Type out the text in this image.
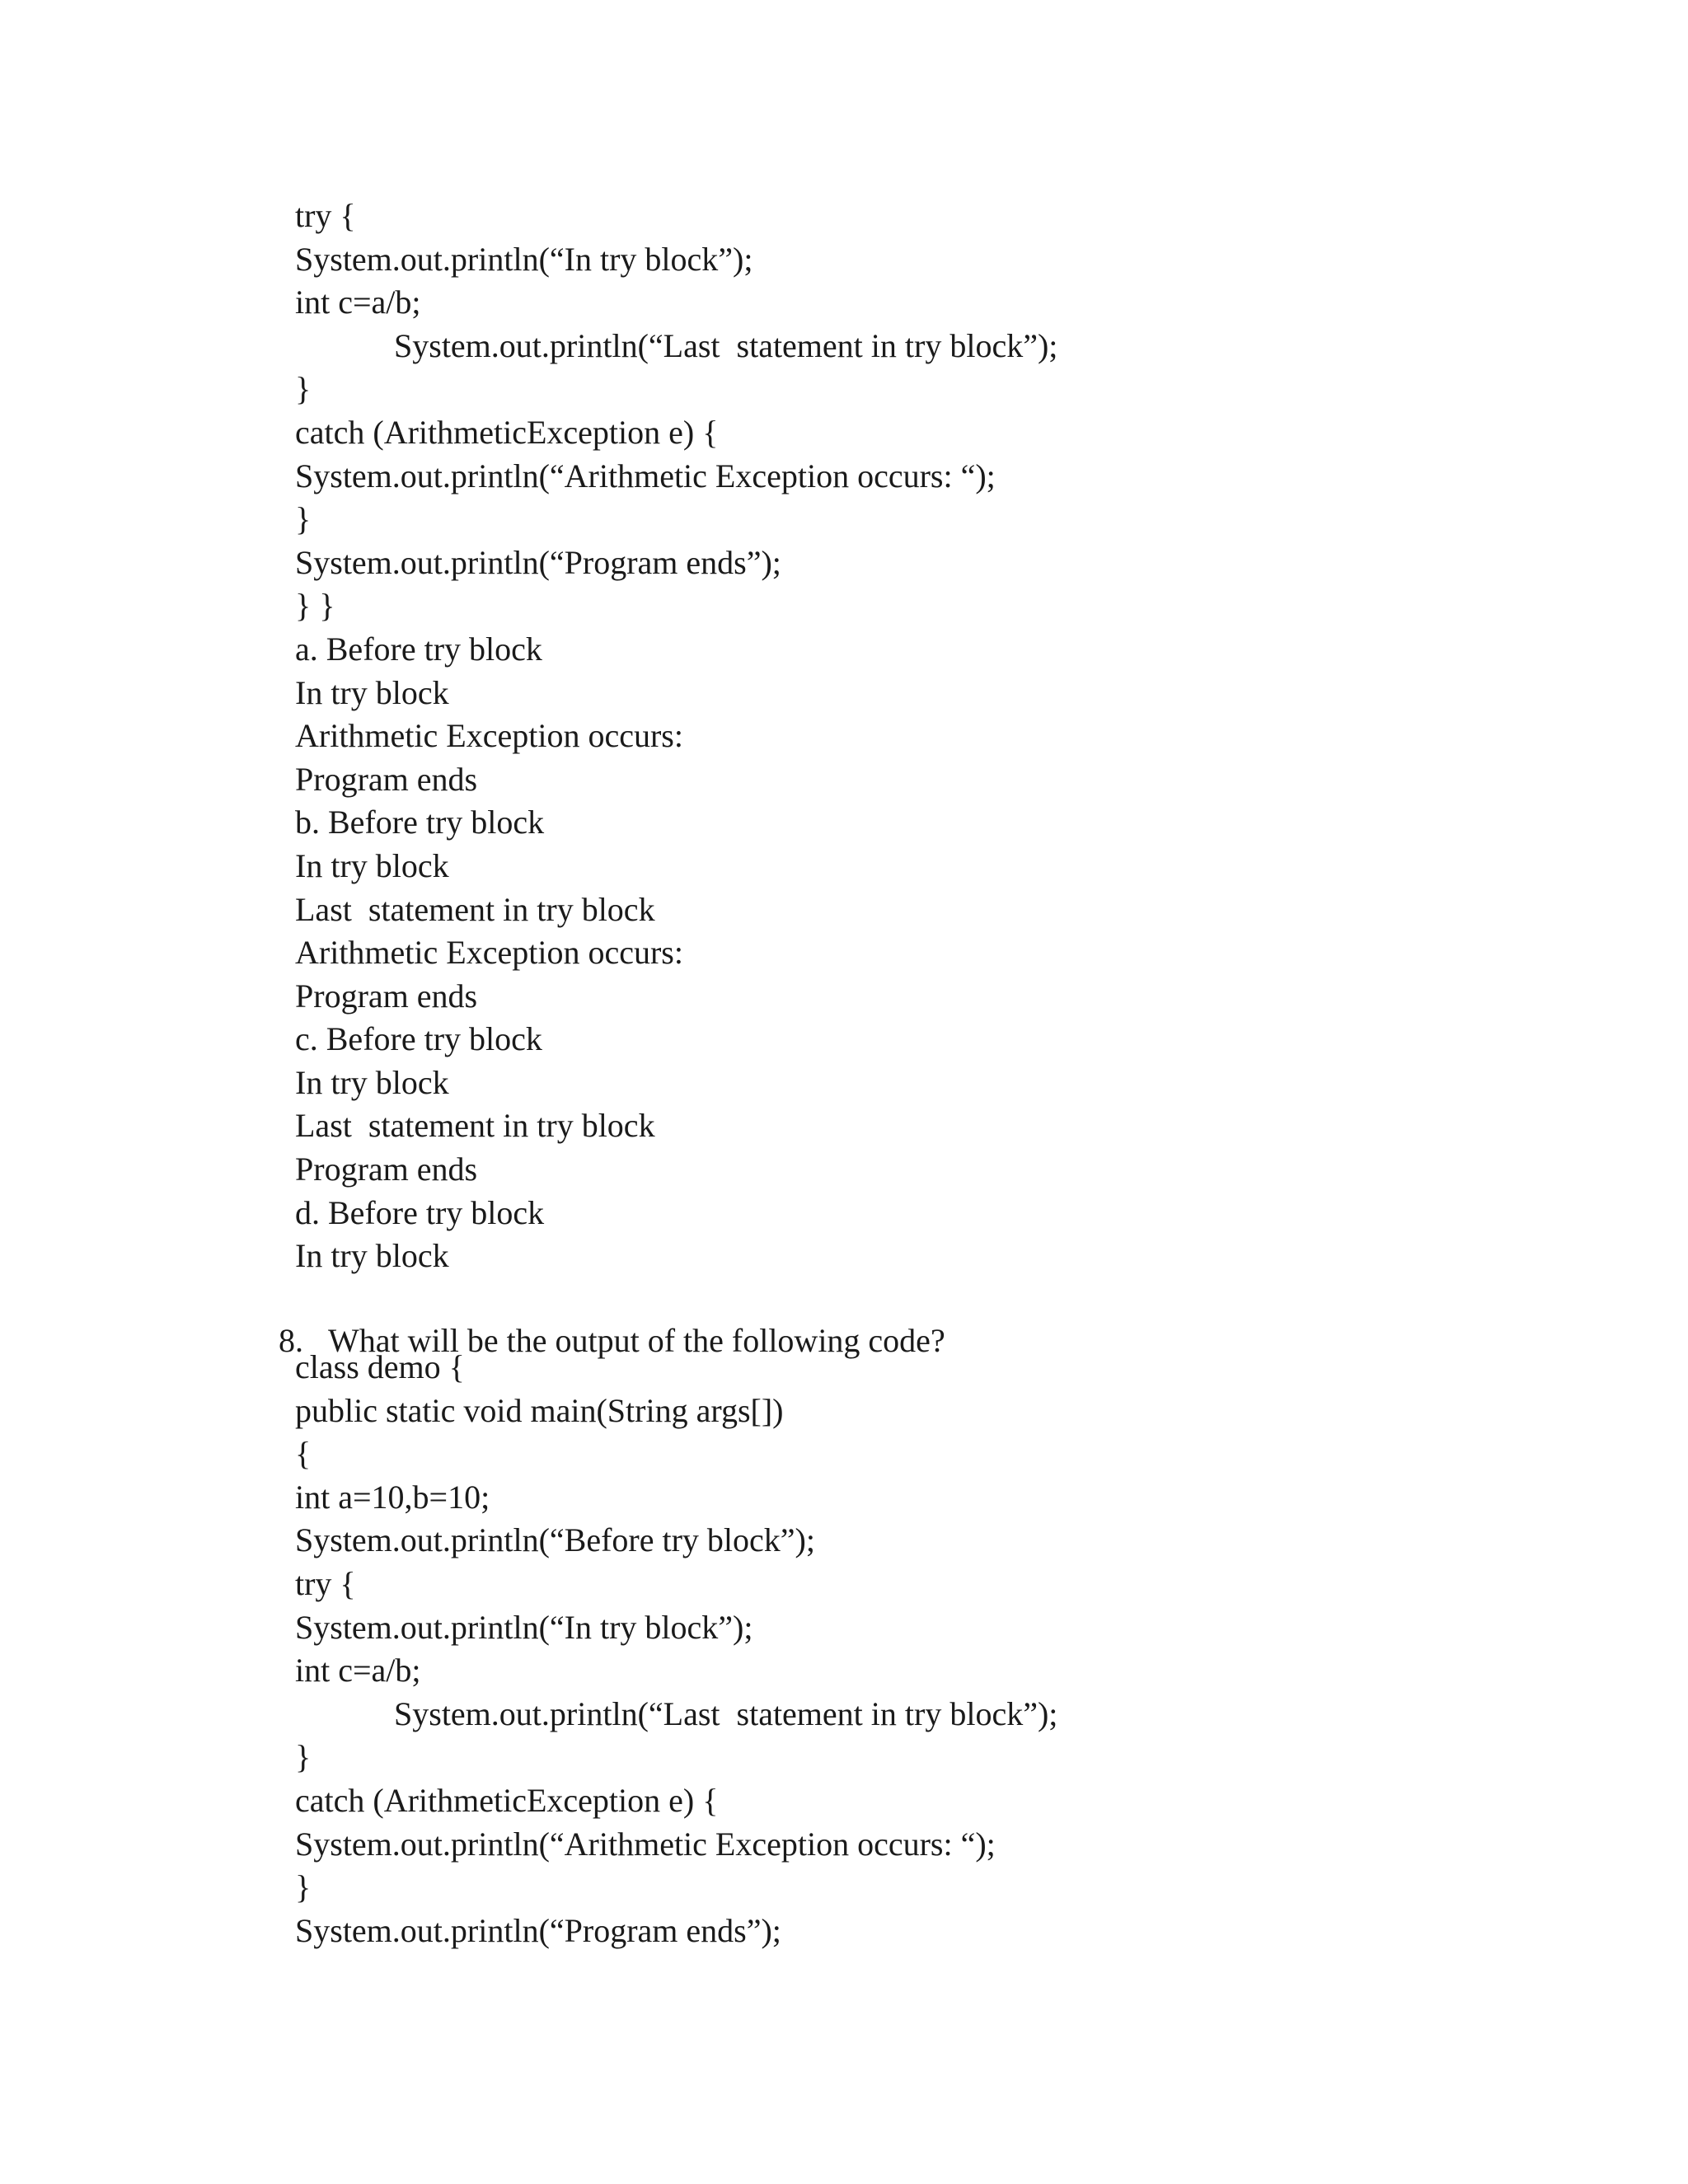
try {
System.out.println(“In try block”);
int c=a/b;
System.out.println(“Last  statement in try block”);
}
catch (ArithmeticException e) {
System.out.println(“Arithmetic Exception occurs: “);
}
System.out.println(“Program ends”);
} }
a. Before try block
In try block
Arithmetic Exception occurs:
Program ends
b. Before try block
In try block
Last  statement in try block
Arithmetic Exception occurs:
Program ends
c. Before try block
In try block
Last  statement in try block
Program ends
d. Before try block
In try block

8. What will be the output of the following code?

class demo {
public static void main(String args[])
{
int a=10,b=10;
System.out.println(“Before try block”);
try {
System.out.println(“In try block”);
int c=a/b;
System.out.println(“Last  statement in try block”);
}
catch (ArithmeticException e) {
System.out.println(“Arithmetic Exception occurs: “);
}
System.out.println(“Program ends”);
